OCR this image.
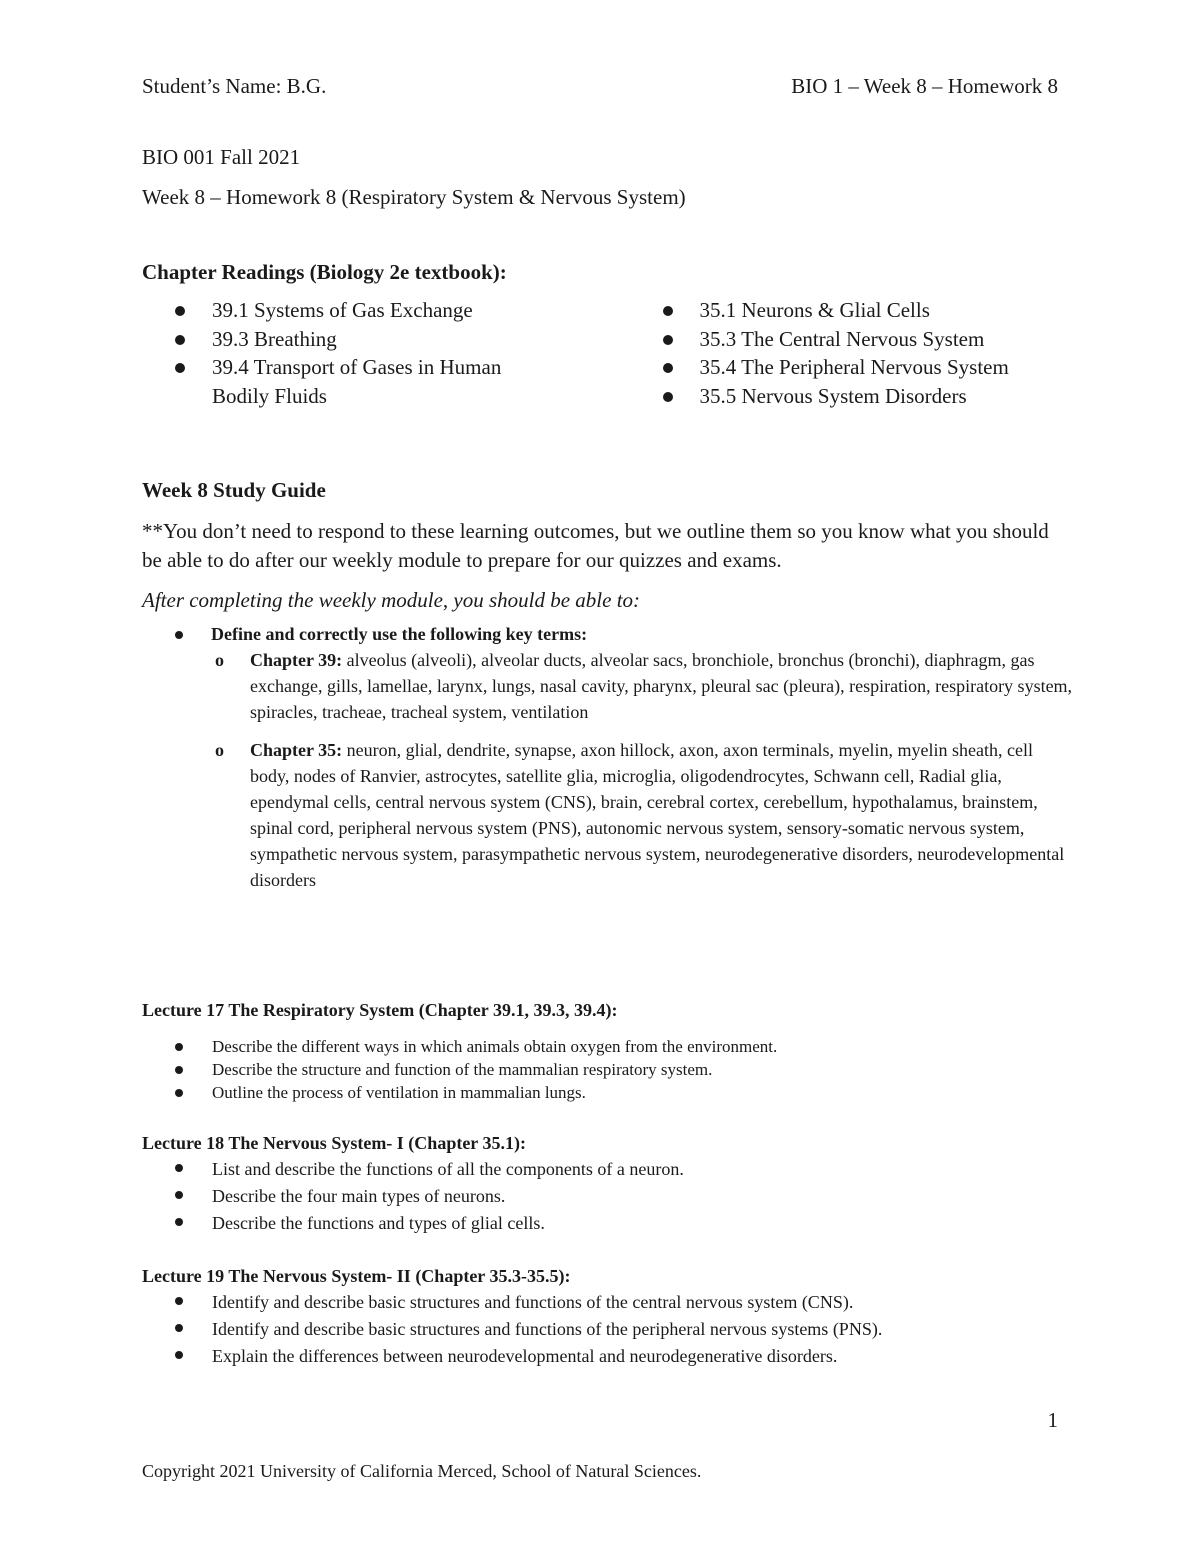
Student’s Name: B.G.	BIO 1 – Week 8 – Homework 8
BIO 001 Fall 2021
Week 8 – Homework 8 (Respiratory System & Nervous System)
Chapter Readings (Biology 2e textbook):
39.1 Systems of Gas Exchange
39.3 Breathing
39.4 Transport of Gases in Human Bodily Fluids
35.1 Neurons & Glial Cells
35.3 The Central Nervous System
35.4 The Peripheral Nervous System
35.5 Nervous System Disorders
Week 8 Study Guide
**You don’t need to respond to these learning outcomes, but we outline them so you know what you should be able to do after our weekly module to prepare for our quizzes and exams.
After completing the weekly module, you should be able to:
Define and correctly use the following key terms:
o Chapter 39: alveolus (alveoli), alveolar ducts, alveolar sacs, bronchiole, bronchus (bronchi), diaphragm, gas exchange, gills, lamellae, larynx, lungs, nasal cavity, pharynx, pleural sac (pleura), respiration, respiratory system, spiracles, tracheae, tracheal system, ventilation
o Chapter 35: neuron, glial, dendrite, synapse, axon hillock, axon, axon terminals, myelin, myelin sheath, cell body, nodes of Ranvier, astrocytes, satellite glia, microglia, oligodendrocytes, Schwann cell, Radial glia, ependymal cells, central nervous system (CNS), brain, cerebral cortex, cerebellum, hypothalamus, brainstem, spinal cord, peripheral nervous system (PNS), autonomic nervous system, sensory-somatic nervous system, sympathetic nervous system, parasympathetic nervous system, neurodegenerative disorders, neurodevelopmental disorders
Lecture 17 The Respiratory System (Chapter 39.1, 39.3, 39.4):
Describe the different ways in which animals obtain oxygen from the environment.
Describe the structure and function of the mammalian respiratory system.
Outline the process of ventilation in mammalian lungs.
Lecture 18 The Nervous System- I (Chapter 35.1):
List and describe the functions of all the components of a neuron.
Describe the four main types of neurons.
Describe the functions and types of glial cells.
Lecture 19 The Nervous System- II (Chapter 35.3-35.5):
Identify and describe basic structures and functions of the central nervous system (CNS).
Identify and describe basic structures and functions of the peripheral nervous systems (PNS).
Explain the differences between neurodevelopmental and neurodegenerative disorders.
1
Copyright 2021 University of California Merced, School of Natural Sciences.
